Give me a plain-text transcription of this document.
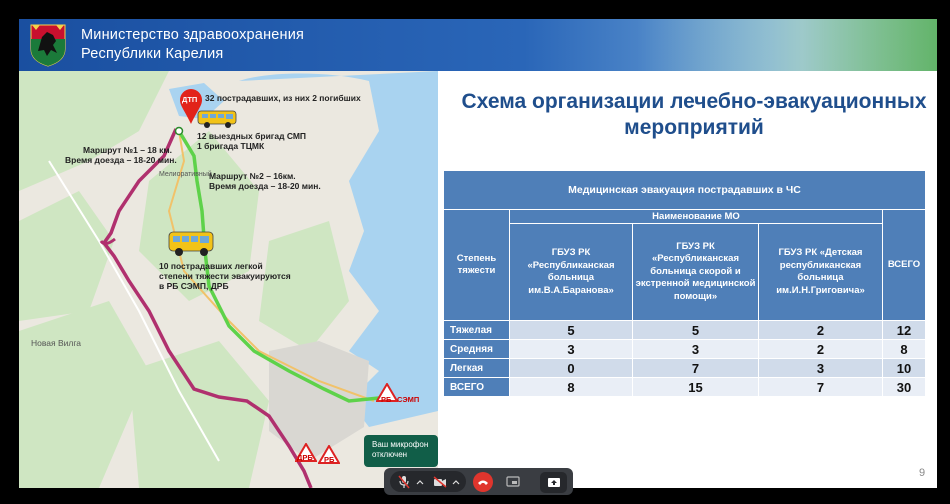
Министерство здравоохранения
Республики Карелия
ДТП 32 пострадавших, из них 2 погибших
12 выездных бригад СМП
1 бригада ТЦМК
Маршрут №1 – 18 км.
Время доезда – 18-20 мин.
Маршрут №2 – 16км.
Время доезда – 18-20 мин.
10 пострадавших легкой
степени тяжести эвакуируются
в РБ СЭМП, ДРБ
Новая Вилга
Мелиоративный
РБ СЭМП
ДРБ РБ
Схема организации лечебно-эвакуационных мероприятий
Медицинская эвакуация пострадавших в ЧС				
Степень тяжести	Наименование МО			ВСЕГО
	ГБУЗ РК «Республиканская больница им.В.А.Баранова»	ГБУЗ РК «Республиканская больница скорой и экстренной медицинской помощи»	ГБУЗ РК «Детская республиканская больница им.И.Н.Григовича»	
Тяжелая	5	5	2	12
Средняя	3	3	2	8
Легкая	0	7	3	10
ВСЕГО	8	15	7	30
9
Ваш микрофон отключен
